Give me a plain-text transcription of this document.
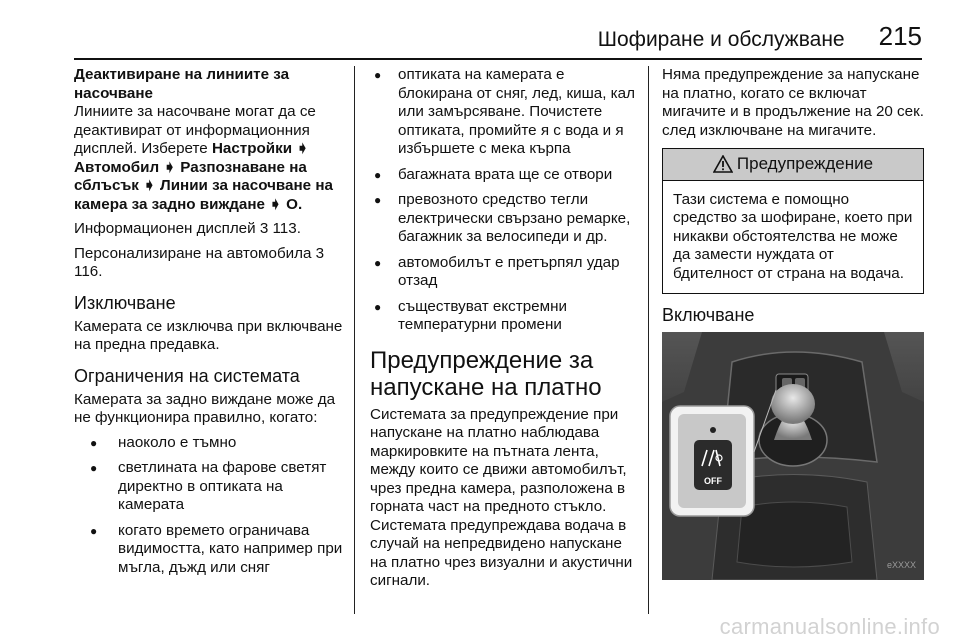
Шофиране и обслужване 215
Деактивиране на линиите за насочване

Линиите за насочване могат да се деактивират от информационния дисплей. Изберете Настройки ➧ Автомобил ➧ Разпознаване на сблъсък ➧ Линии за насочване на камера за задно виждане ➧ O.

Информационен дисплей 3 113.

Персонализиране на автомобила 3 116.

Изключване

Камерата се изключва при включване на предна предавка.

Ограничения на системата

Камерата за задно виждане може да не функционира правилно, когато:

● наоколо е тъмно
● светлината на фарове светят директно в оптиката на камерата
● когато времето ограничава видимостта, като например при мъгла, дъжд или сняг
● оптиката на камерата е блокирана от сняг, лед, киша, кал или замърсяване. Почистете оптиката, промийте я с вода и я избършете с мека кърпа
● багажната врата ще се отвори
● превозното средство тегли електрически свързано ремарке, багажник за велосипеди и др.
● автомобилът е претърпял удар отзад
● съществуват екстремни температурни промени
Предупреждение за напускане на платно

Системата за предупреждение при напускане на платно наблюдава маркировките на пътната лента, между които се движи автомобилът, чрез предна камера, разположена в горната част на предното стъкло. Системата предупреждава водача в случай на непредвидено напускане на платно чрез визуални и акустични сигнали.

Няма предупреждение за напускане на платно, когато се включат мигачите и в продължение на 20 сек. след изключване на мигачите.

Предупреждение
Тази система е помощно средство за шофиране, което при никакви обстоятелства не може да замести нуждата от бдителност от страна на водача.
Включване
OFF
eXXXX
carmanualsonline.info
